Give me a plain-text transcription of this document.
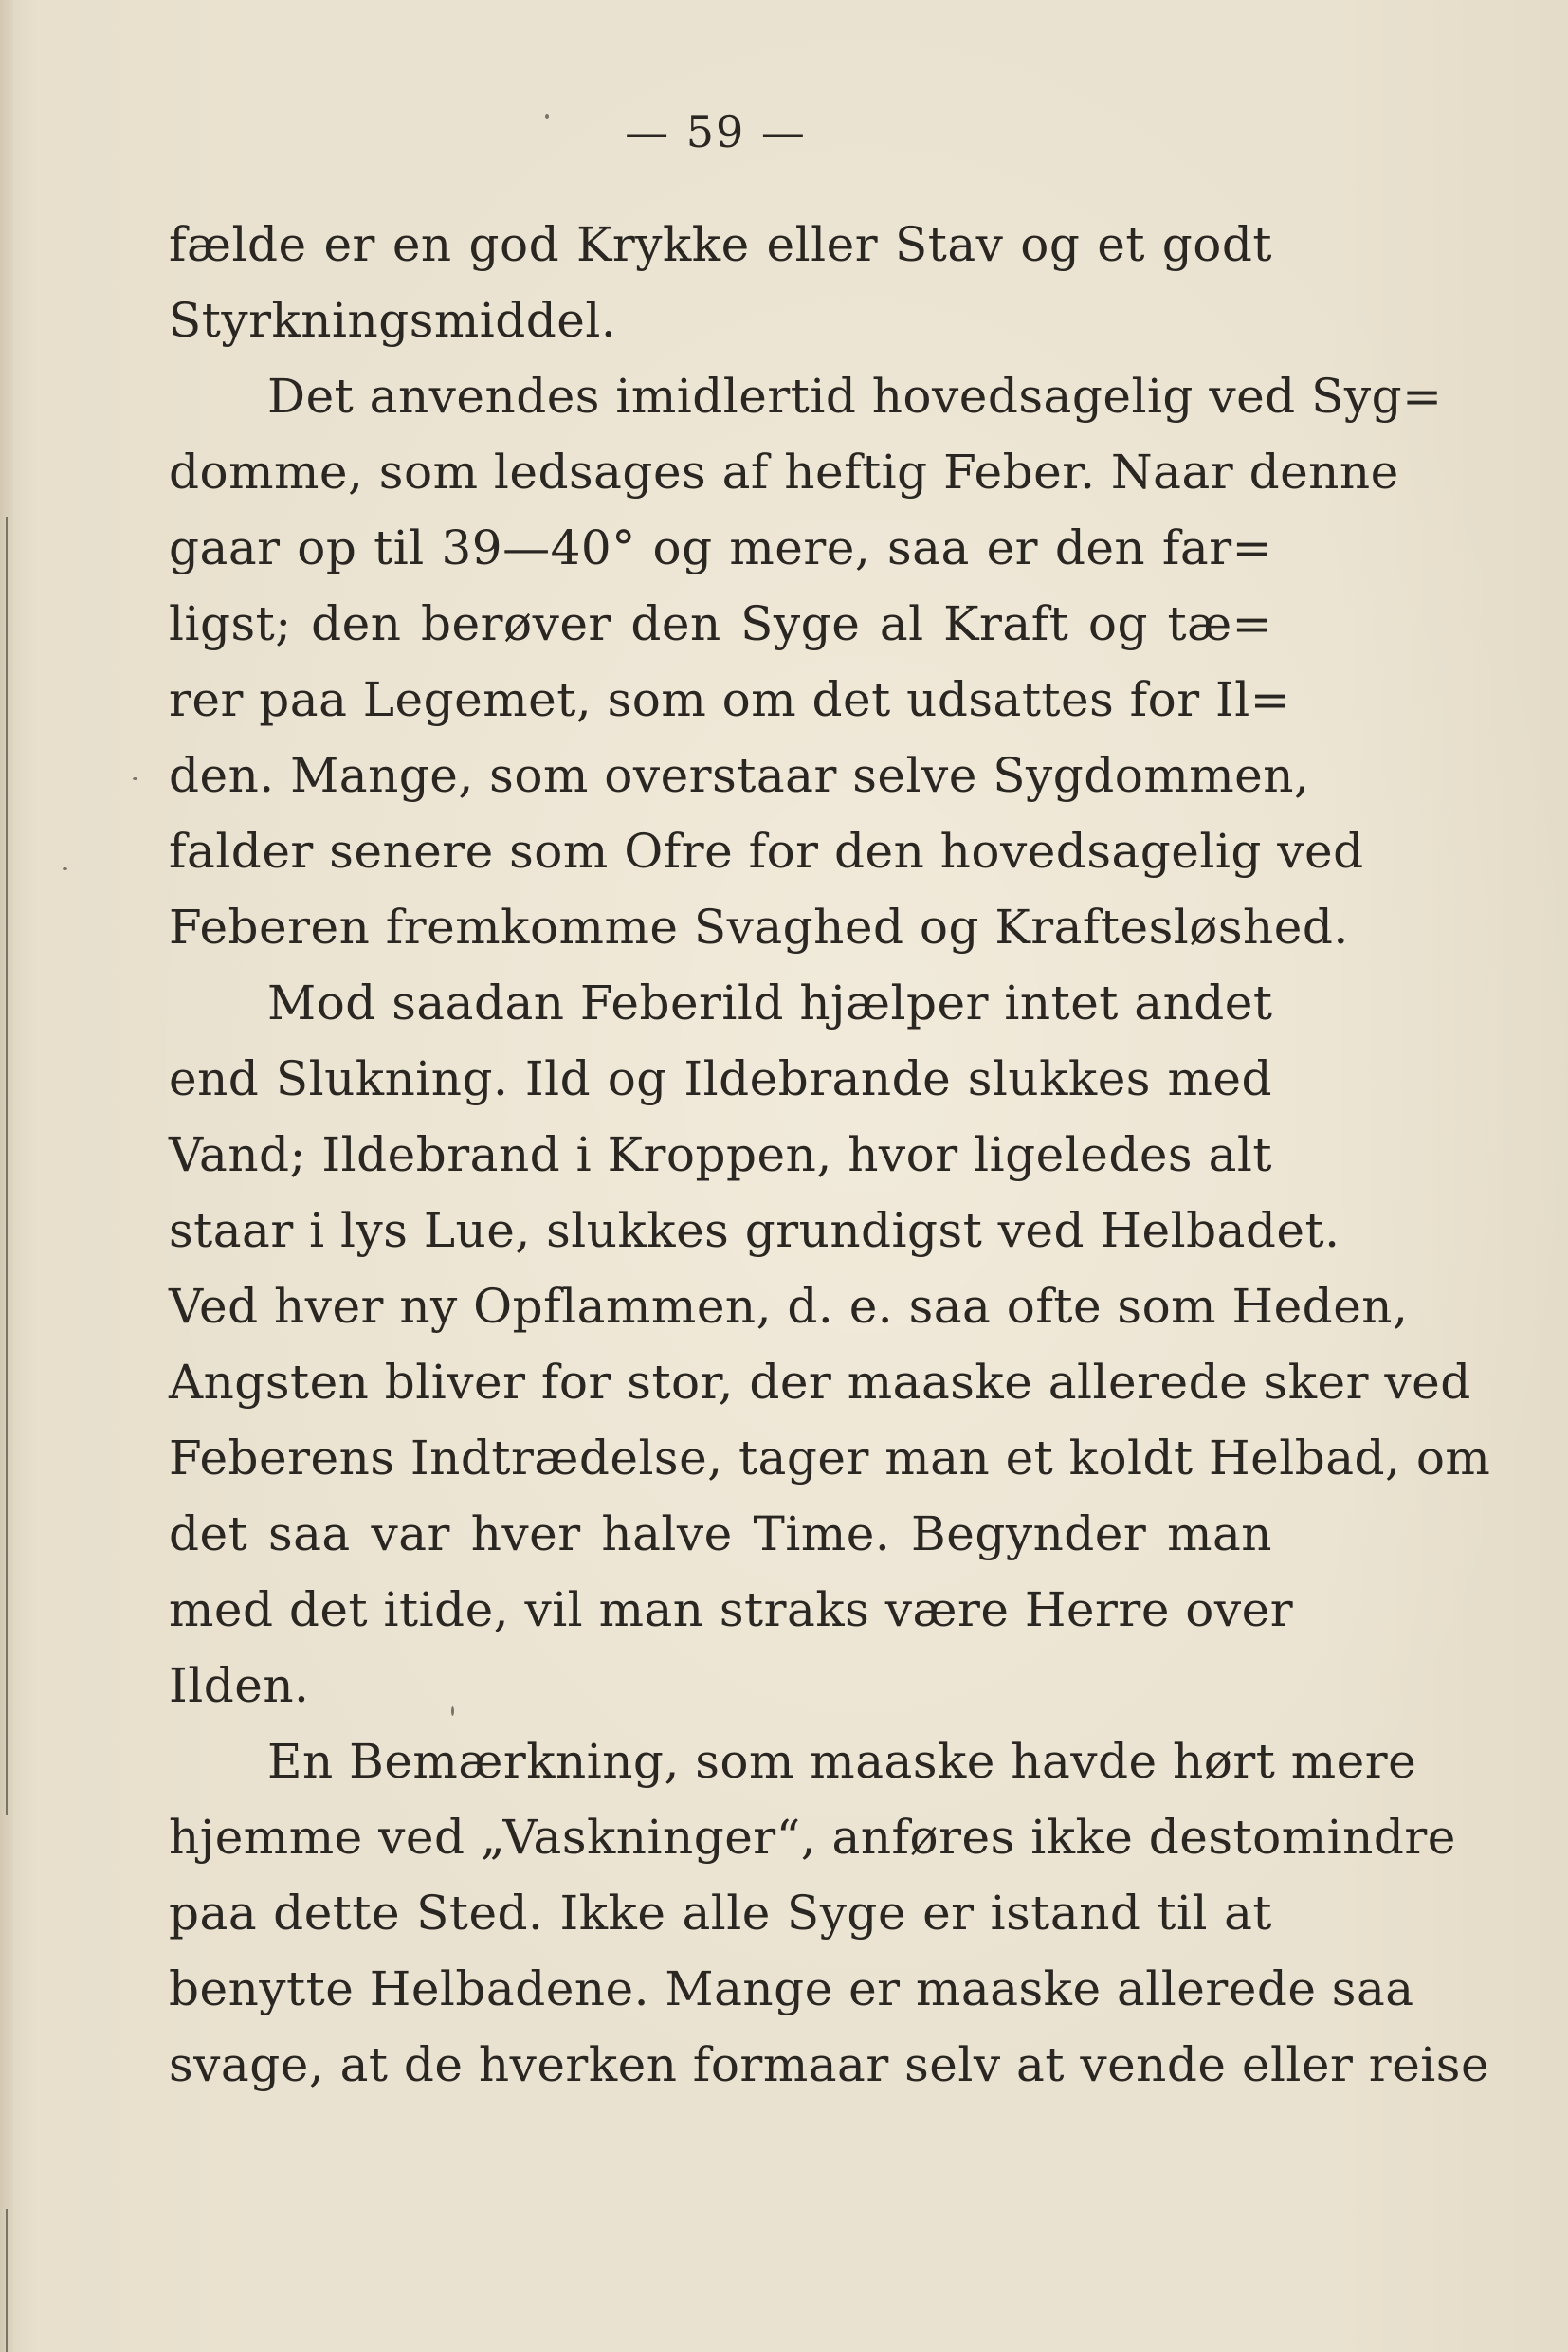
— 59 —
fælde er en god Krykke eller Stav og et godt
Styrkningsmiddel.
Det anvendes imidlertid hovedsagelig ved Syg=
domme, som ledsages af heftig Feber. Naar denne
gaar op til 39—40° og mere, saa er den far=
ligst; den berøver den Syge al Kraft og tæ=
rer paa Legemet, som om det udsattes for Il=
den. Mange, som overstaar selve Sygdommen,
falder senere som Ofre for den hovedsagelig ved
Feberen fremkomme Svaghed og Kraftesløshed.
Mod saadan Feberild hjælper intet andet
end Slukning. Ild og Ildebrande slukkes med
Vand; Ildebrand i Kroppen, hvor ligeledes alt
staar i lys Lue, slukkes grundigst ved Helbadet.
Ved hver ny Opflammen, d. e. saa ofte som Heden,
Angsten bliver for stor, der maaske allerede sker ved
Feberens Indtrædelse, tager man et koldt Helbad, om
det saa var hver halve Time. Begynder man
med det itide, vil man straks være Herre over
Ilden.
En Bemærkning, som maaske havde hørt mere
hjemme ved „Vaskninger“, anføres ikke destomindre
paa dette Sted. Ikke alle Syge er istand til at
benytte Helbadene. Mange er maaske allerede saa
svage, at de hverken formaar selv at vende eller reise
